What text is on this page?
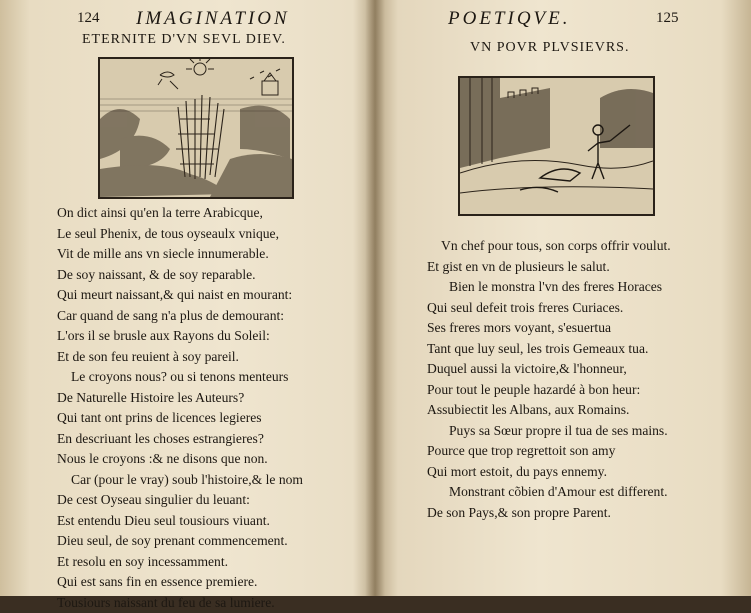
124 IMAGINATION
ETERNITE D'VN SEVL DIEV.
On dict ainsi qu'en la terre Arabicque,
Le seul Phenix, de tous oyseaulx vnique,
Vit de mille ans vn siecle innumerable.
De soy naissant, & de soy reparable.
Qui meurt naissant,& qui naist en mourant:
Car quand de sang n'a plus de demourant:
L'ors il se brusle aux Rayons du Soleil:
Et de son feu reuient à soy pareil.
Le croyons nous? ou si tenons menteurs
De Naturelle Histoire les Auteurs?
Qui tant ont prins de licences legieres
En descriuant les choses estrangieres?
Nous le croyons :& ne disons que non.
Car (pour le vray) soub l'histoire,& le nom
De cest Oyseau singulier du leuant:
Est entendu Dieu seul tousiours viuant.
Dieu seul, de soy prenant commencement.
Et resolu en soy incessamment.
Qui est sans fin en essence premiere.
Tousiours naissant du feu de sa lumiere.
POETIQVE.	125
VN POVR PLVSIEVRS.
Vn chef pour tous, son corps offrir voulut.
Et gist en vn de plusieurs le salut.
Bien le monstra l'vn des freres Horaces
Qui seul defeit trois freres Curiaces.
Ses freres mors voyant, s'esuertua
Tant que luy seul, les trois Gemeaux tua.
Duquel aussi la victoire,& l'honneur,
Pour tout le peuple hazardé à bon heur:
Assubiectit les Albans, aux Romains.
Puys sa Sœur propre il tua de ses mains.
Pource que trop regrettoit son amy
Qui mort estoit, du pays ennemy.
Monstrant cõbien d'Amour est different.
De son Pays,& son propre Parent.
